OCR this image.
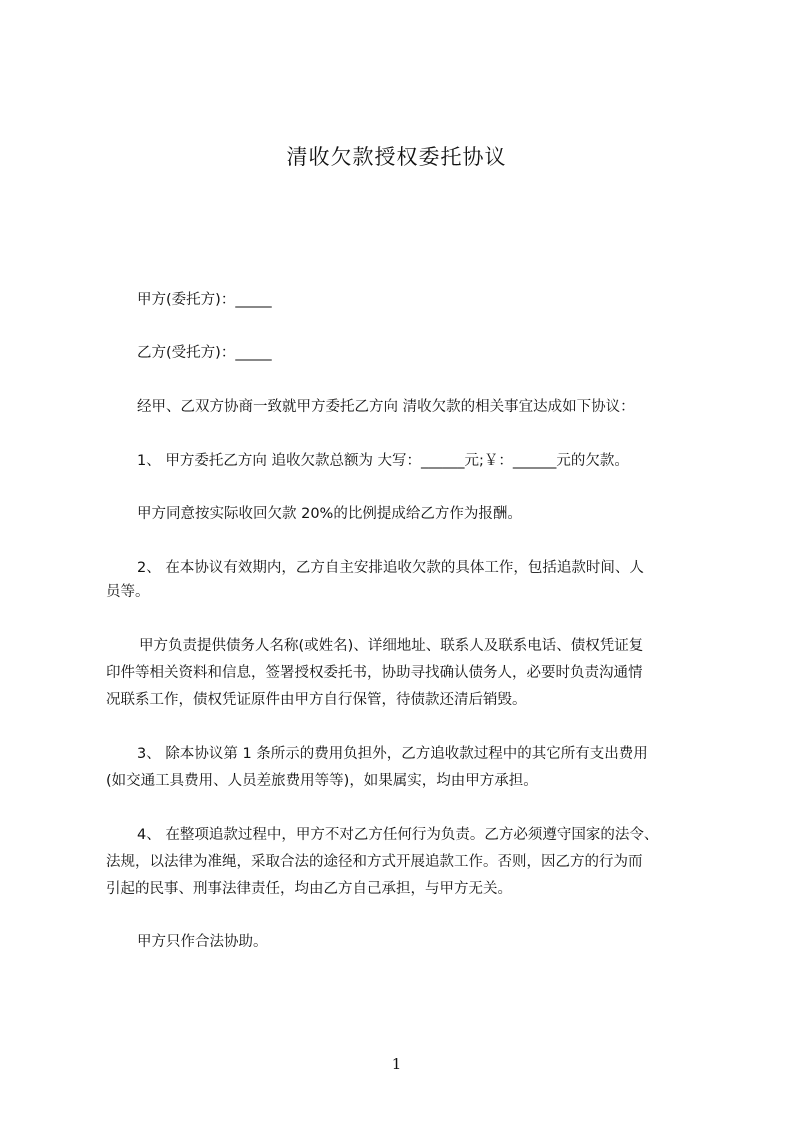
清收欠款授权委托协议
甲方(委托方)：_____
乙方(受托方)：_____
经甲、乙双方协商一致就甲方委托乙方向 清收欠款的相关事宜达成如下协议：
1、 甲方委托乙方向 追收欠款总额为 大写：______元;￥：______元的欠款。
甲方同意按实际收回欠款 20%的比例提成给乙方作为报酬。
2、 在本协议有效期内，乙方自主安排追收欠款的具体工作，包括追款时间、人
员等。
甲方负责提供债务人名称(或姓名)、详细地址、联系人及联系电话、债权凭证复
印件等相关资料和信息，签署授权委托书，协助寻找确认债务人，必要时负责沟通情
况联系工作，债权凭证原件由甲方自行保管，待债款还清后销毁。
3、 除本协议第 1 条所示的费用负担外，乙方追收款过程中的其它所有支出费用
(如交通工具费用、人员差旅费用等等)，如果属实，均由甲方承担。
4、 在整项追款过程中，甲方不对乙方任何行为负责。乙方必须遵守国家的法令、
法规，以法律为准绳，采取合法的途径和方式开展追款工作。否则，因乙方的行为而
引起的民事、刑事法律责任，均由乙方自己承担，与甲方无关。
甲方只作合法协助。
1
